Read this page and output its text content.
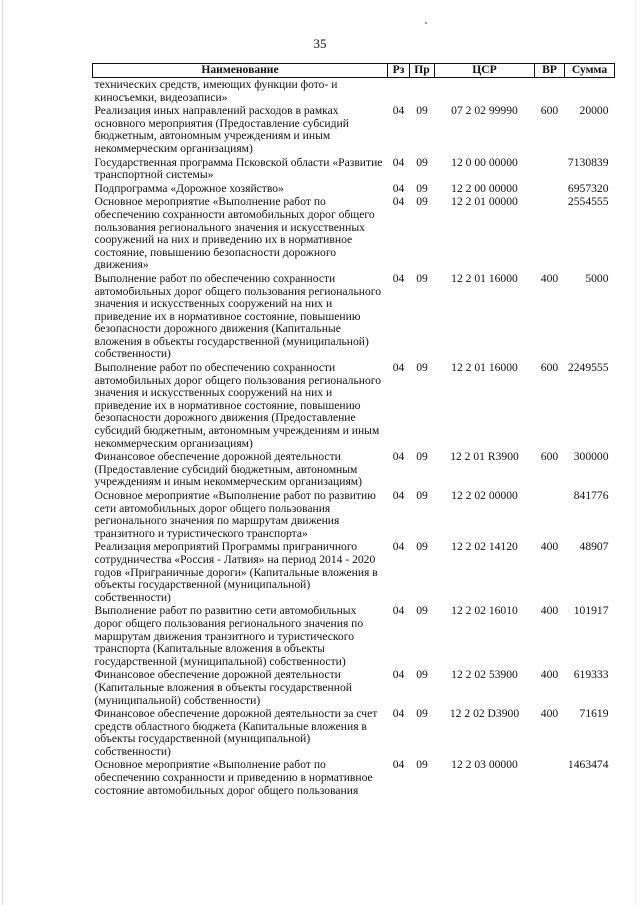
35
Наименование	Рз	Пр	ЦСР	ВР	Сумма
технических средств, имеющих функции фото- и киносъемки, видеозаписи»					
Реализация иных направлений расходов в рамках основного мероприятия (Предоставление субсидий бюджетным, автономным учреждениям и иным некоммерческим организациям)	04	09	07 2 02 99990	600	20000
Государственная программа Псковской области «Развитие транспортной системы»	04	09	12 0 00 00000		7130839
Подпрограмма «Дорожное хозяйство»	04	09	12 2 00 00000		6957320
Основное мероприятие «Выполнение работ по обеспечению сохранности автомобильных дорог общего пользования регионального значения и искусственных сооружений на них и приведению их в нормативное состояние, повышению безопасности дорожного движения»	04	09	12 2 01 00000		2554555
Выполнение работ по обеспечению сохранности автомобильных дорог общего пользования регионального значения и искусственных сооружений на них и приведение их в нормативное состояние, повышению безопасности дорожного движения (Капитальные вложения в объекты государственной (муниципальной) собственности)	04	09	12 2 01 16000	400	5000
Выполнение работ по обеспечению сохранности автомобильных дорог общего пользования регионального значения и искусственных сооружений на них и приведение их в нормативное состояние, повышению безопасности дорожного движения (Предоставление субсидий бюджетным, автономным учреждениям и иным некоммерческим организациям)	04	09	12 2 01 16000	600	2249555
Финансовое обеспечение дорожной деятельности (Предоставление субсидий бюджетным, автономным учреждениям и иным некоммерческим организациям)	04	09	12 2 01 R3900	600	300000
Основное мероприятие «Выполнение работ по развитию сети автомобильных дорог общего пользования регионального значения по маршрутам движения транзитного и туристического транспорта»	04	09	12 2 02 00000		841776
Реализация мероприятий Программы приграничного сотрудничества «Россия - Латвия» на период 2014 - 2020 годов «Приграничные дороги» (Капитальные вложения в объекты государственной (муниципальной) собственности)	04	09	12 2 02 14120	400	48907
Выполнение работ по развитию сети автомобильных дорог общего пользования регионального значения по маршрутам движения транзитного и туристического транспорта (Капитальные вложения в объекты государственной (муниципальной) собственности)	04	09	12 2 02 16010	400	101917
Финансовое обеспечение дорожной деятельности (Капитальные вложения в объекты государственной (муниципальной) собственности)	04	09	12 2 02 53900	400	619333
Финансовое обеспечение дорожной деятельности за счет средств областного бюджета (Капитальные вложения в объекты государственной (муниципальной) собственности)	04	09	12 2 02 D3900	400	71619
Основное мероприятие «Выполнение работ по обеспечению сохранности и приведению в нормативное состояние автомобильных дорог общего пользования	04	09	12 2 03 00000		1463474
